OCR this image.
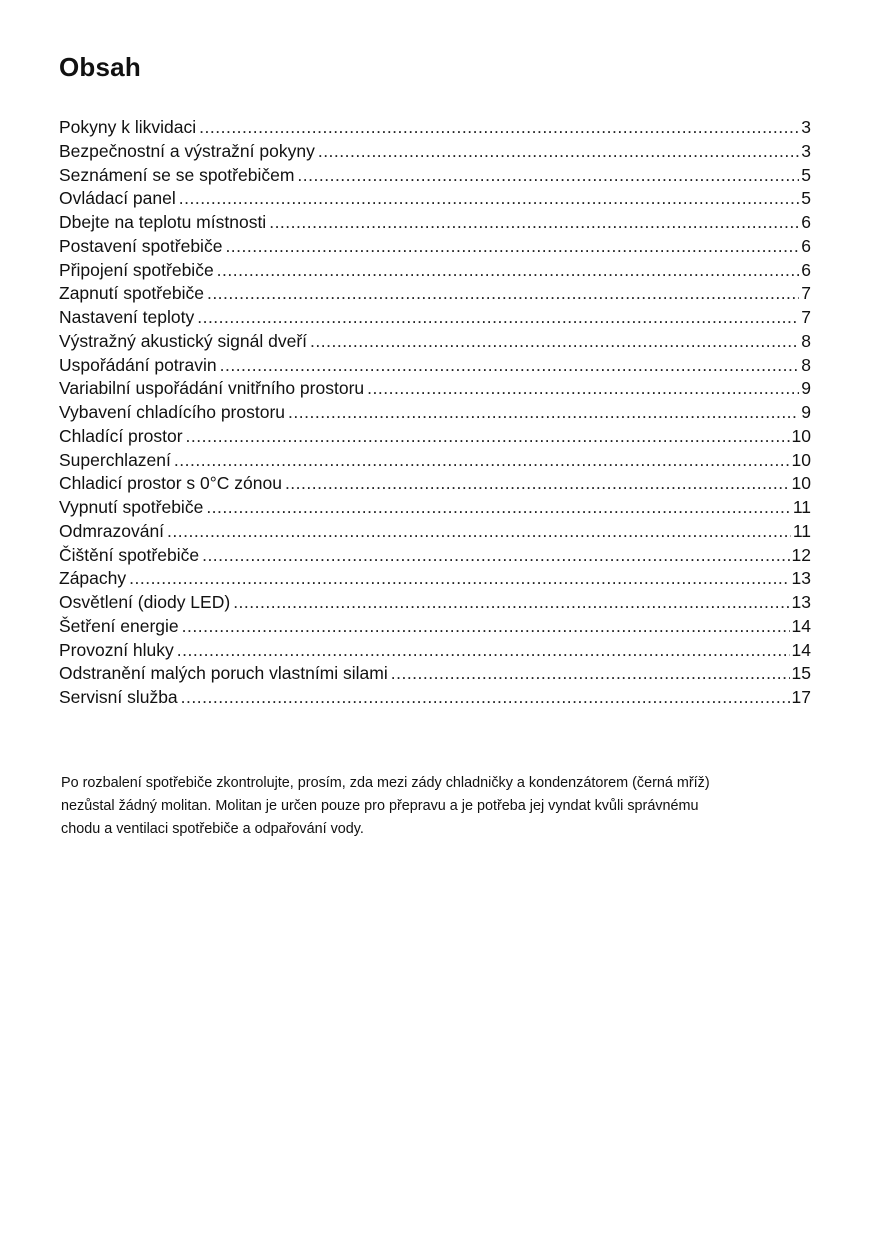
Obsah
Pokyny k likvidaci .....	3
Bezpečnostní a výstražní pokyny .....	3
Seznámení se se spotřebičem .....	5
Ovládací panel .....	5
Dbejte na teplotu místnosti .....	6
Postavení spotřebiče .....	6
Připojení spotřebiče .....	6
Zapnutí spotřebiče .....	7
Nastavení teploty .....	7
Výstražný akustický signál dveří .....	8
Uspořádání potravin .....	8
Variabilní uspořádání vnitřního prostoru .....	9
Vybavení chladícího prostoru .....	9
Chladící prostor .....	10
Superchlazení .....	10
Chladicí prostor s 0°C zónou .....	10
Vypnutí spotřebiče .....	11
Odmrazování .....	11
Čištění spotřebiče .....	12
Zápachy .....	13
Osvětlení (diody LED) .....	13
Šetření energie .....	14
Provozní hluky .....	14
Odstranění malých poruch vlastními silami .....	15
Servisní služba .....	17

Po rozbalení spotřebiče zkontrolujte, prosím, zda mezi zády chladničky a kondenzátorem (černá mříž)
nezůstal žádný molitan. Molitan je určen pouze pro přepravu a je potřeba jej vyndat kvůli správnému
chodu a ventilaci spotřebiče a odpařování vody.
